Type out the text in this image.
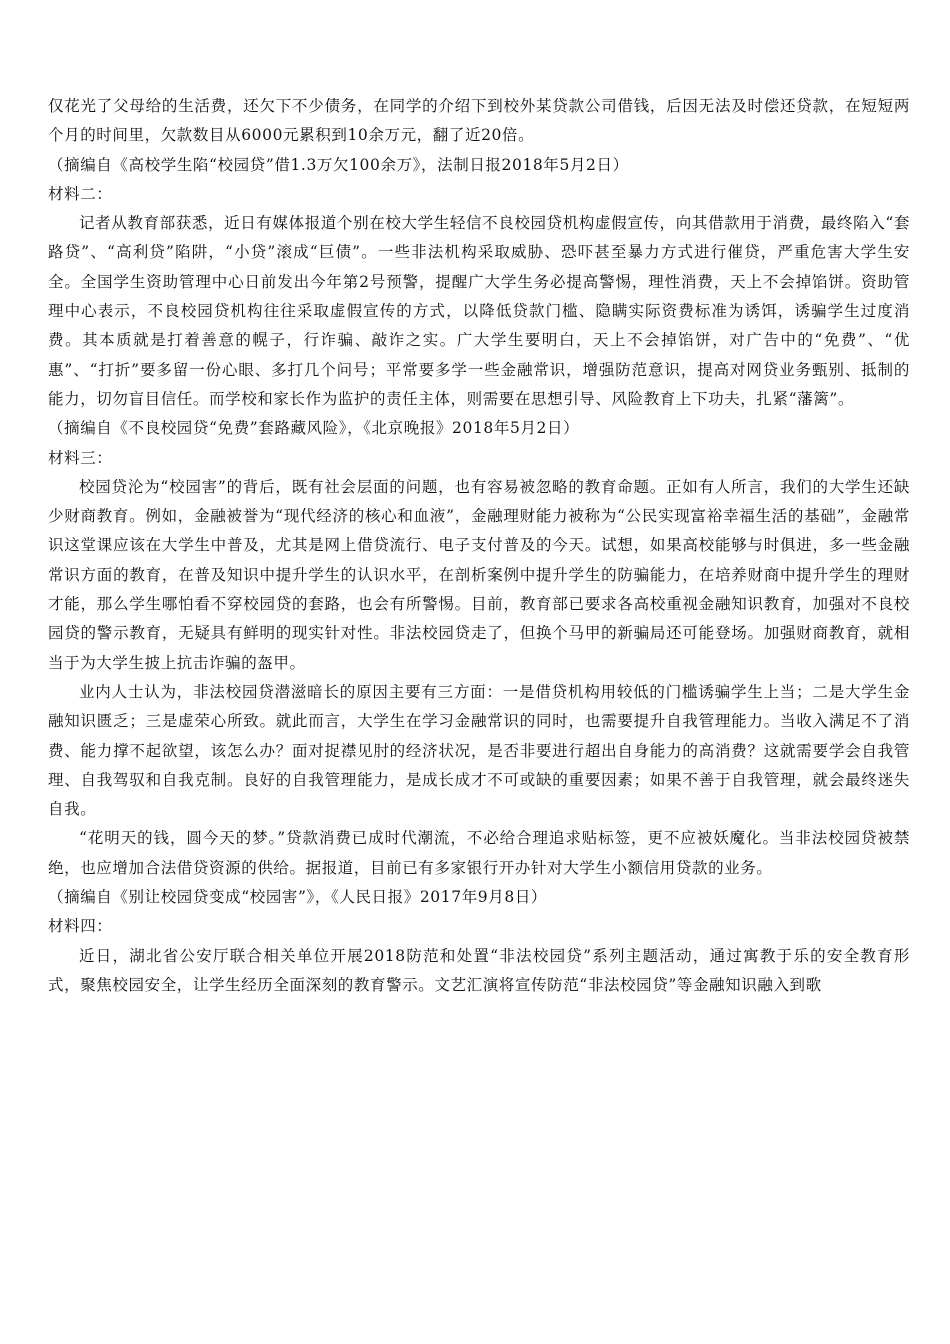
仅花光了父母给的生活费，还欠下不少债务，在同学的介绍下到校外某贷款公司借钱，后因无法及时偿还贷款，在短短两个月的时间里，欠款数目从6000元累积到10余万元，翻了近20倍。

（摘编自《高校学生陷“校园贷”借1.3万欠100余万》，法制日报2018年5月2日）

材料二：

记者从教育部获悉，近日有媒体报道个别在校大学生轻信不良校园贷机构虚假宣传，向其借款用于消费，最终陷入“套路贷”、“高利贷”陷阱，“小贷”滚成“巨债”。一些非法机构采取威胁、恐吓甚至暴力方式进行催贷，严重危害大学生安全。全国学生资助管理中心日前发出今年第2号预警，提醒广大学生务必提高警惕，理性消费，天上不会掉馅饼。资助管理中心表示，不良校园贷机构往往采取虚假宣传的方式，以降低贷款门槛、隐瞒实际资费标准为诱饵，诱骗学生过度消费。其本质就是打着善意的幌子，行诈骗、敲诈之实。广大学生要明白，天上不会掉馅饼，对广告中的“免费”、“优惠”、“打折”要多留一份心眼、多打几个问号；平常要多学一些金融常识，增强防范意识，提高对网贷业务甄别、抵制的能力，切勿盲目信任。而学校和家长作为监护的责任主体，则需要在思想引导、风险教育上下功夫，扎紧“藩篱”。

（摘编自《不良校园贷“免费”套路藏风险》，《北京晚报》2018年5月2日）

材料三：

校园贷沦为“校园害”的背后，既有社会层面的问题，也有容易被忽略的教育命题。正如有人所言，我们的大学生还缺少财商教育。例如，金融被誉为“现代经济的核心和血液”，金融理财能力被称为“公民实现富裕幸福生活的基础”，金融常识这堂课应该在大学生中普及，尤其是网上借贷流行、电子支付普及的今天。试想，如果高校能够与时俱进，多一些金融常识方面的教育，在普及知识中提升学生的认识水平，在剖析案例中提升学生的防骗能力，在培养财商中提升学生的理财才能，那么学生哪怕看不穿校园贷的套路，也会有所警惕。目前，教育部已要求各高校重视金融知识教育，加强对不良校园贷的警示教育，无疑具有鲜明的现实针对性。非法校园贷走了，但换个马甲的新骗局还可能登场。加强财商教育，就相当于为大学生披上抗击诈骗的盔甲。

业内人士认为，非法校园贷潜滋暗长的原因主要有三方面：一是借贷机构用较低的门槛诱骗学生上当；二是大学生金融知识匮乏；三是虚荣心所致。就此而言，大学生在学习金融常识的同时，也需要提升自我管理能力。当收入满足不了消费、能力撑不起欲望，该怎么办？面对捉襟见肘的经济状况，是否非要进行超出自身能力的高消费？这就需要学会自我管理、自我驾驭和自我克制。良好的自我管理能力，是成长成才不可或缺的重要因素；如果不善于自我管理，就会最终迷失自我。

“花明天的钱，圆今天的梦。”贷款消费已成时代潮流，不必给合理追求贴标签，更不应被妖魔化。当非法校园贷被禁绝，也应增加合法借贷资源的供给。据报道，目前已有多家银行开办针对大学生小额信用贷款的业务。

（摘编自《别让校园贷变成“校园害”》，《人民日报》2017年9月8日）

材料四：

近日，湖北省公安厅联合相关单位开展2018防范和处置“非法校园贷”系列主题活动，通过寓教于乐的安全教育形式，聚焦校园安全，让学生经历全面深刻的教育警示。文艺汇演将宣传防范“非法校园贷”等金融知识融入到歌
